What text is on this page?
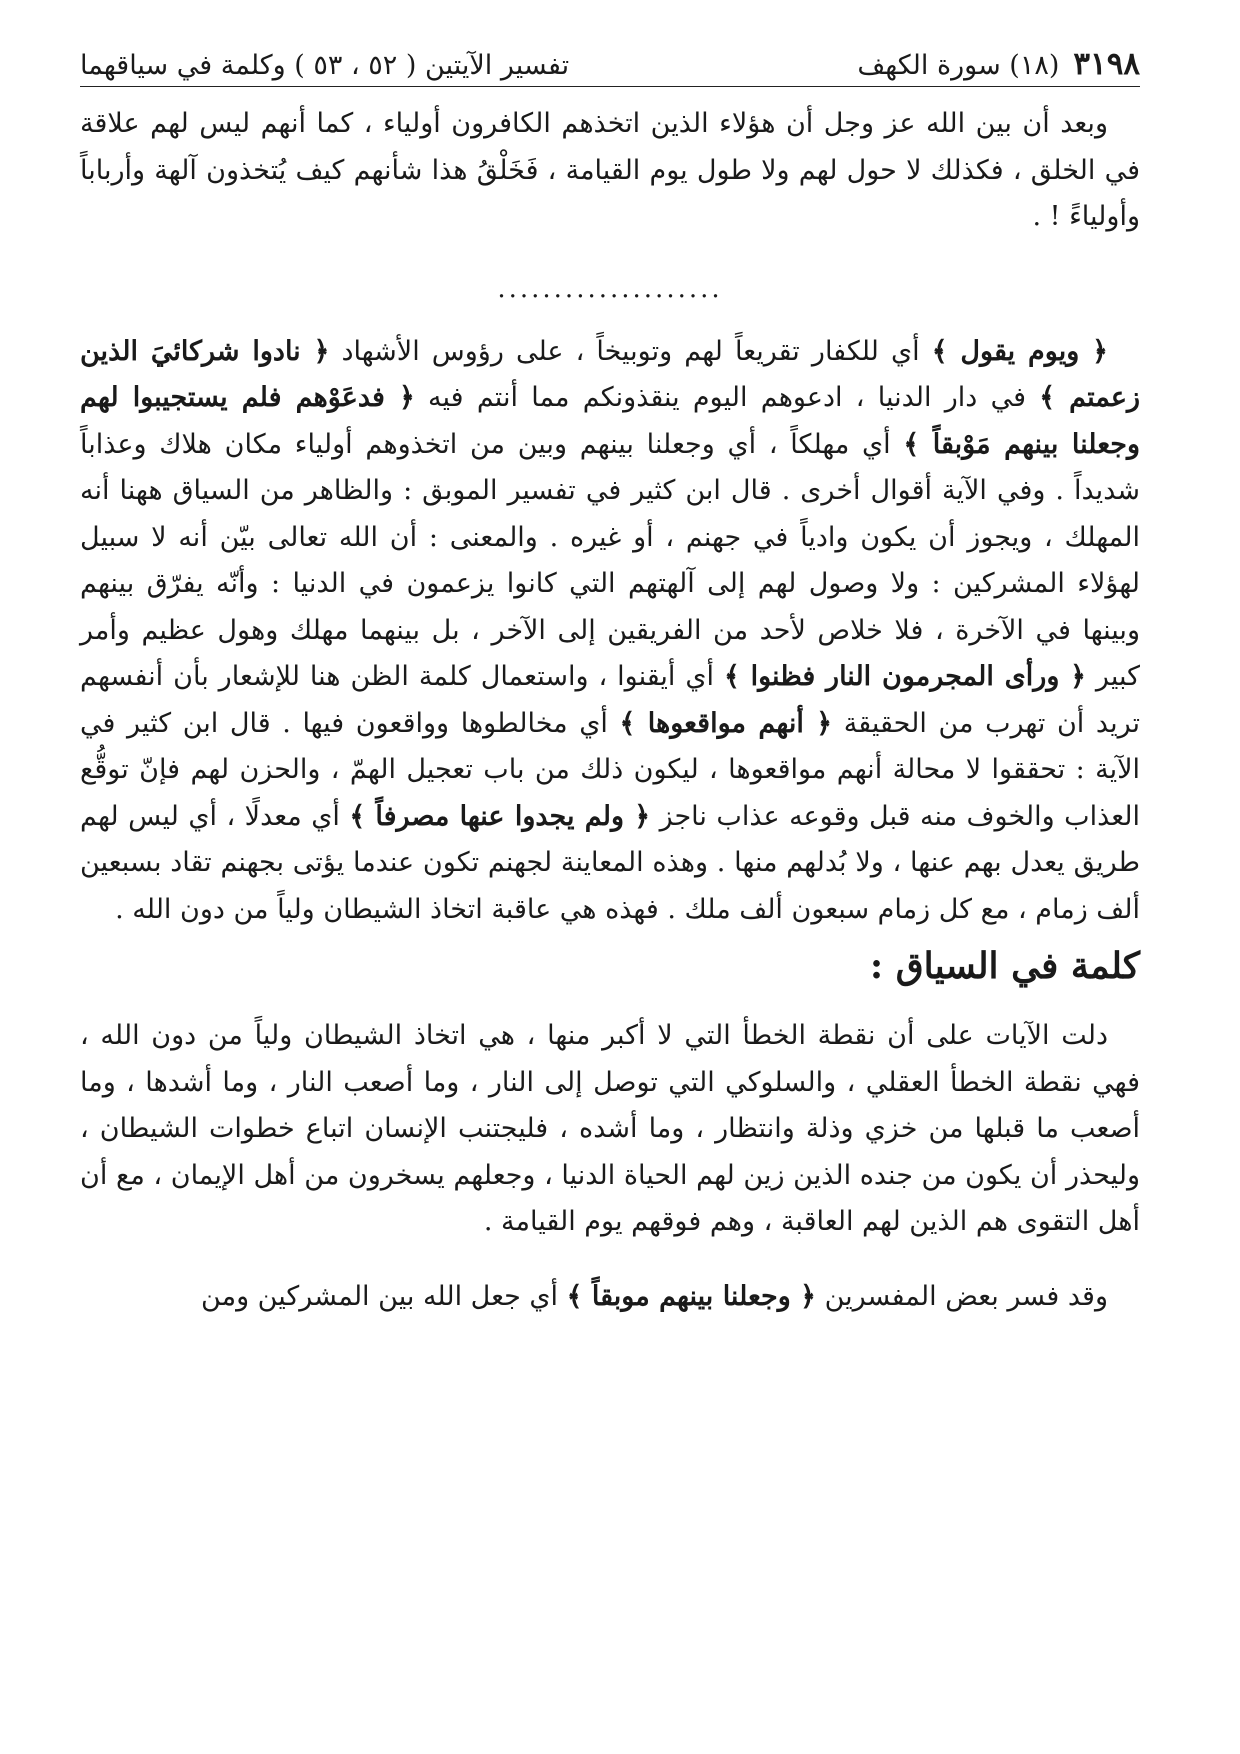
٣١٩٨
(١٨) سورة الكهف
تفسير الآيتين ( ٥٢ ، ٥٣ ) وكلمة في سياقهما

وبعد أن بين الله عز وجل أن هؤلاء الذين اتخذهم الكافرون أولياء ، كما أنهم ليس لهم علاقة في الخلق ، فكذلك لا حول لهم ولا طول يوم القيامة ، فَخَلْقُ هذا شأنهم كيف يُتخذون آلهة وأرباباً وأولياءً ! .

....................

﴿ ويوم يقول ﴾ أي للكفار تقريعاً لهم وتوبيخاً ، على رؤوس الأشهاد ﴿ نادوا شركائيَ الذين زعمتم ﴾ في دار الدنيا ، ادعوهم اليوم ينقذونكم مما أنتم فيه ﴿ فدعَوْهم فلم يستجيبوا لهم وجعلنا بينهم مَوْبقاً ﴾ أي مهلكاً ، أي وجعلنا بينهم وبين من اتخذوهم أولياء مكان هلاك وعذاباً شديداً . وفي الآية أقوال أخرى . قال ابن كثير في تفسير الموبق : والظاهر من السياق ههنا أنه المهلك ، ويجوز أن يكون وادياً في جهنم ، أو غيره . والمعنى : أن الله تعالى بيّن أنه لا سبيل لهؤلاء المشركين : ولا وصول لهم إلى آلهتهم التي كانوا يزعمون في الدنيا : وأنّه يفرّق بينهم وبينها في الآخرة ، فلا خلاص لأحد من الفريقين إلى الآخر ، بل بينهما مهلك وهول عظيم وأمر كبير ﴿ ورأى المجرمون النار فظنوا ﴾ أي أيقنوا ، واستعمال كلمة الظن هنا للإشعار بأن أنفسهم تريد أن تهرب من الحقيقة ﴿ أنهم مواقعوها ﴾ أي مخالطوها وواقعون فيها . قال ابن كثير في الآية : تحققوا لا محالة أنهم مواقعوها ، ليكون ذلك من باب تعجيل الهمّ ، والحزن لهم فإنّ توقُّع العذاب والخوف منه قبل وقوعه عذاب ناجز ﴿ ولم يجدوا عنها مصرفاً ﴾ أي معدلًا ، أي ليس لهم طريق يعدل بهم عنها ، ولا بُدلهم منها . وهذه المعاينة لجهنم تكون عندما يؤتى بجهنم تقاد بسبعين ألف زمام ، مع كل زمام سبعون ألف ملك . فهذه هي عاقبة اتخاذ الشيطان ولياً من دون الله .

كلمة في السياق :

دلت الآيات على أن نقطة الخطأ التي لا أكبر منها ، هي اتخاذ الشيطان ولياً من دون الله ، فهي نقطة الخطأ العقلي ، والسلوكي التي توصل إلى النار ، وما أصعب النار ، وما أشدها ، وما أصعب ما قبلها من خزي وذلة وانتظار ، وما أشده ، فليجتنب الإنسان اتباع خطوات الشيطان ، وليحذر أن يكون من جنده الذين زين لهم الحياة الدنيا ، وجعلهم يسخرون من أهل الإيمان ، مع أن أهل التقوى هم الذين لهم العاقبة ، وهم فوقهم يوم القيامة .

وقد فسر بعض المفسرين ﴿ وجعلنا بينهم موبقاً ﴾ أي جعل الله بين المشركين ومن
